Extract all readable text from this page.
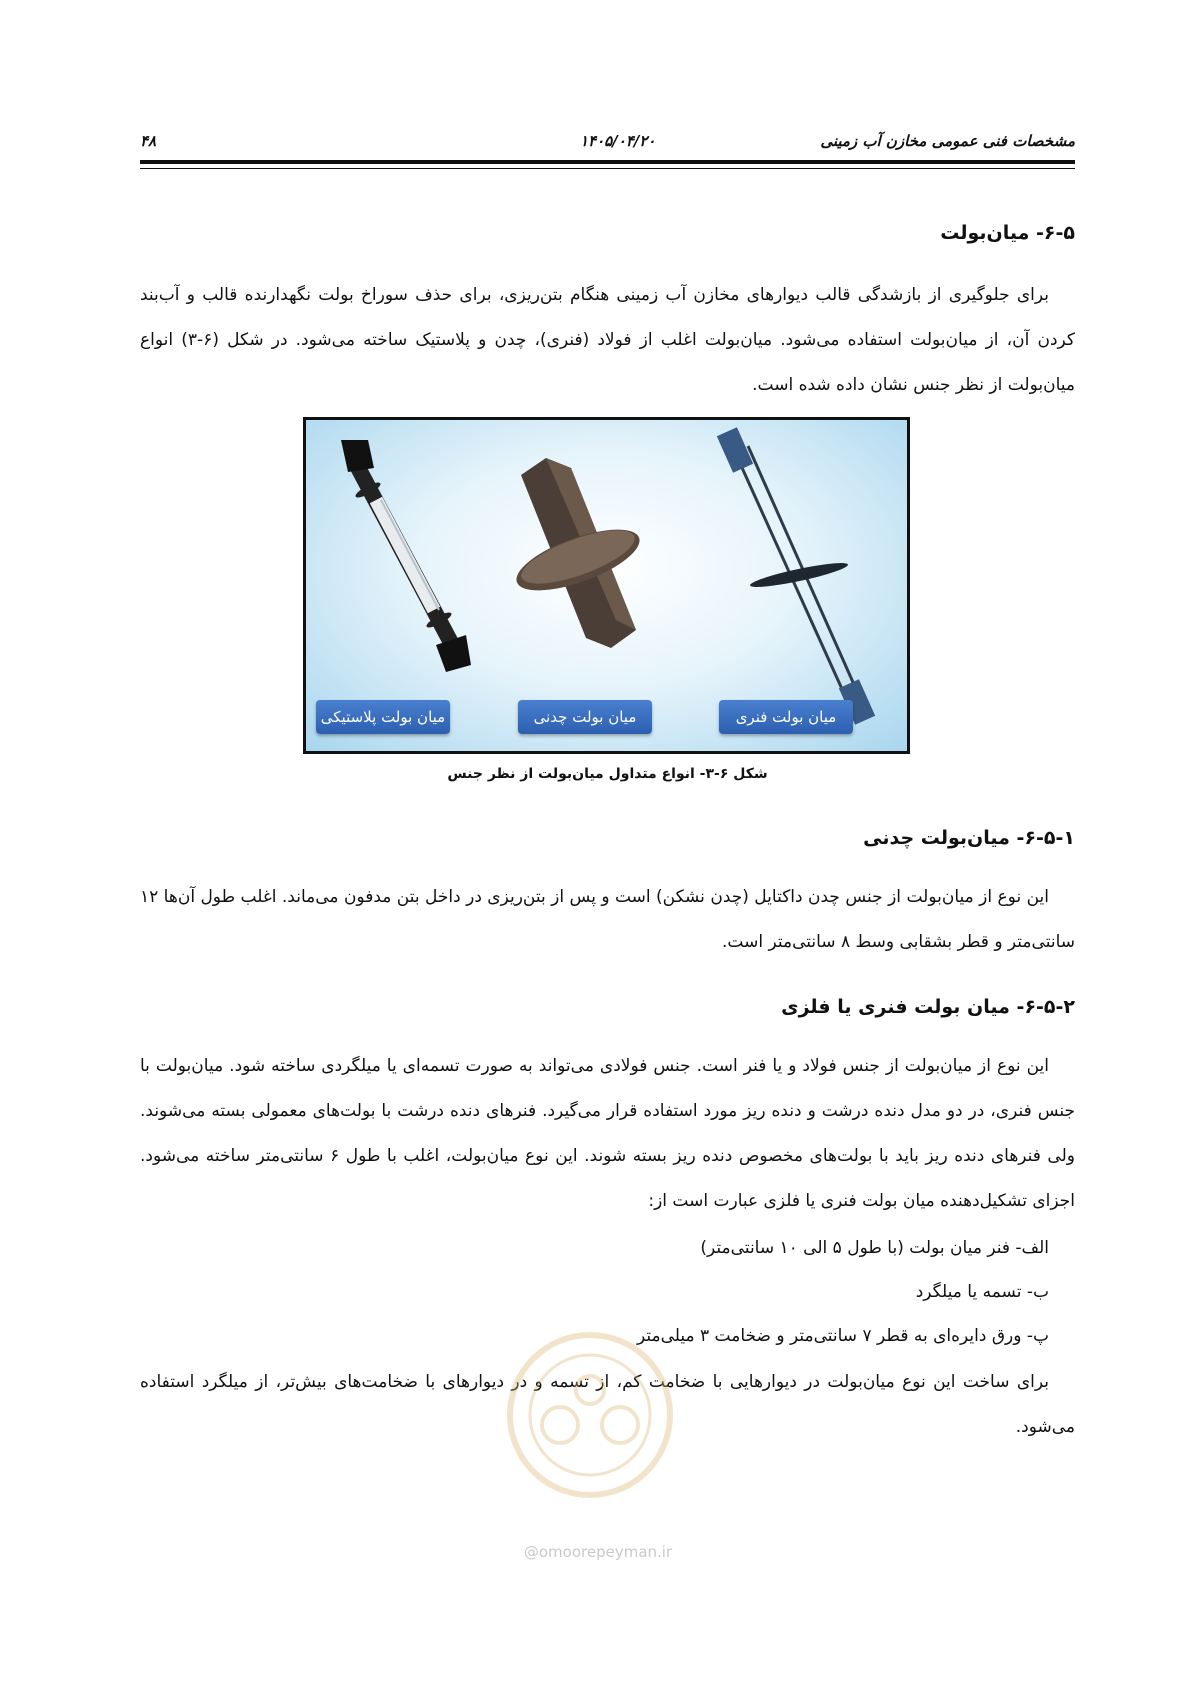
مشخصات فنی عمومی مخازن آب زمینی
۱۴۰۵/۰۴/۲۰
۴۸
۶-۵- میان‌بولت

برای جلوگیری از بازشدگی قالب دیوارهای مخازن آب زمینی هنگام بتن‌ریزی، برای حذف سوراخ بولت نگهدارنده قالب و آب‌بند کردن آن، از میان‌بولت استفاده می‌شود. میان‌بولت اغلب از فولاد (فنری)، چدن و پلاستیک ساخته می‌شود. در شکل (۶-۳) انواع میان‌بولت از نظر جنس نشان داده شده است.

میان بولت پلاستیکی	میان بولت چدنی	میان بولت فنری
شکل ۶-۳- انواع متداول میان‌بولت از نظر جنس
۶-۵-۱- میان‌بولت چدنی

این نوع از میان‌بولت از جنس چدن داکتایل (چدن نشکن) است و پس از بتن‌ریزی در داخل بتن مدفون می‌ماند. اغلب طول آن‌ها ۱۲ سانتی‌متر و قطر بشقابی وسط ۸ سانتی‌متر است.

۶-۵-۲- میان بولت فنری یا فلزی

این نوع از میان‌بولت از جنس فولاد و یا فنر است. جنس فولادی می‌تواند به صورت تسمه‌ای یا میلگردی ساخته شود. میان‌بولت با جنس فنری، در دو مدل دنده درشت و دنده ریز مورد استفاده قرار می‌گیرد. فنرهای دنده درشت با بولت‌های معمولی بسته می‌شوند. ولی فنرهای دنده ریز باید با بولت‌های مخصوص دنده ریز بسته شوند. این نوع میان‌بولت، اغلب با طول ۶ سانتی‌متر ساخته می‌شود. اجزای تشکیل‌دهنده میان بولت فنری یا فلزی عبارت است از:

الف- فنر میان بولت (با طول ۵ الی ۱۰ سانتی‌متر)
ب- تسمه یا میلگرد
پ- ورق دایره‌ای به قطر ۷ سانتی‌متر و ضخامت ۳ میلی‌متر

برای ساخت این نوع میان‌بولت در دیوارهایی با ضخامت کم، از تسمه و در دیوارهای با ضخامت‌های بیش‌تر، از میلگرد استفاده می‌شود.

@omoorepeyman.ir
